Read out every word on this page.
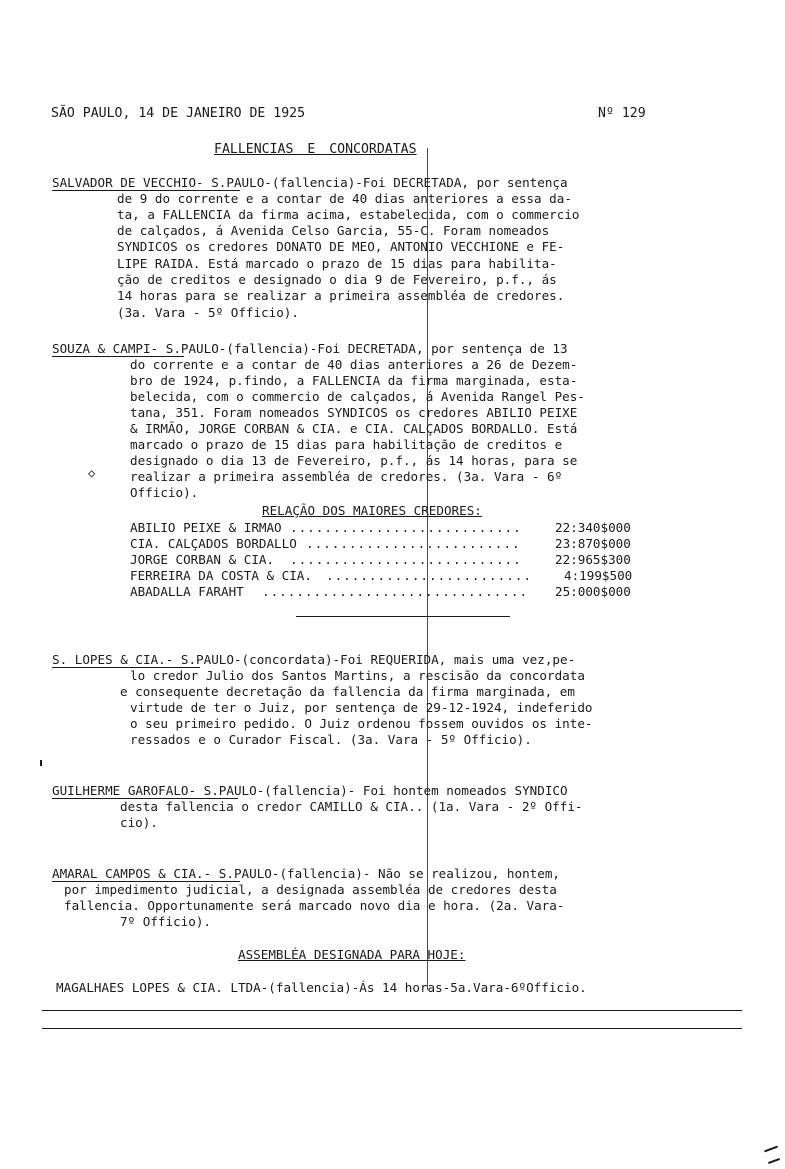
SÃO PAULO, 14 DE JANEIRO DE 1925	Nº 129
FALLENCIAS E CONCORDATAS
SALVADOR DE VECCHIO- S.PAULO-(fallencia)-Foi DECRETADA, por sentença
de 9 do corrente e a contar de 40 dias anteriores a essa da-
ta, a FALLENCIA da firma acima, estabelecida, com o commercio
de calçados, á Avenida Celso Garcia, 55-C. Foram nomeados
SYNDICOS os credores DONATO DE MEO, ANTONIO VECCHIONE e FE-
LIPE RAIDA. Está marcado o prazo de 15 dias para habilita-
ção de creditos e designado o dia 9 de Fevereiro, p.f., ás
14 horas para se realizar a primeira assembléa de credores.
(3a. Vara - 5º Officio).
SOUZA & CAMPI- S.PAULO-(fallencia)-Foi DECRETADA, por sentença de 13
do corrente e a contar de 40 dias anteriores a 26 de Dezem-
bro de 1924, p.findo, a FALLENCIA da firma marginada, esta-
belecida, com o commercio de calçados, á Avenida Rangel Pes-
tana, 351. Foram nomeados SYNDICOS os credores ABILIO PEIXE
& IRMÃO, JORGE CORBAN & CIA. e CIA. CALÇADOS BORDALLO. Está
marcado o prazo de 15 dias para habilitação de creditos e
designado o dia 13 de Fevereiro, p.f., ás 14 horas, para se
realizar a primeira assembléa de credores. (3a. Vara - 6º
Officio).
◇
RELAÇÃO DOS MAIORES CREDORES:
ABILIO PEIXE & IRMAO ...........................	22:340$000
CIA. CALÇADOS BORDALLO .........................	23:870$000
JORGE CORBAN & CIA. ...........................	22:965$300
FERREIRA DA COSTA & CIA. ........................	4:199$500
ABADALLA FARAHT ............................... 25:000$000
S. LOPES & CIA.- S.PAULO-(concordata)-Foi REQUERIDA, mais uma vez,pe-
lo credor Julio dos Santos Martins, a rescisão da concordata
e consequente decretação da fallencia da firma marginada, em
virtude de ter o Juiz, por sentença de 29-12-1924, indeferido
o seu primeiro pedido. O Juiz ordenou fossem ouvidos os inte-
ressados e o Curador Fiscal. (3a. Vara - 5º Officio).
GUILHERME GAROFALO- S.PAULO-(fallencia)- Foi hontem nomeados SYNDICO
desta fallencia o credor CAMILLO & CIA.. (1a. Vara - 2º Offi-
cio).
AMARAL CAMPOS & CIA.- S.PAULO-(fallencia)- Não se realizou, hontem,
por impedimento judicial, a designada assembléa de credores desta
fallencia. Opportunamente será marcado novo dia e hora. (2a. Vara-
7º Officio).
ASSEMBLÉA DESIGNADA PARA HOJE:
MAGALHAES LOPES & CIA. LTDA-(fallencia)-Ás 14 horas-5a.Vara-6ºOfficio.
